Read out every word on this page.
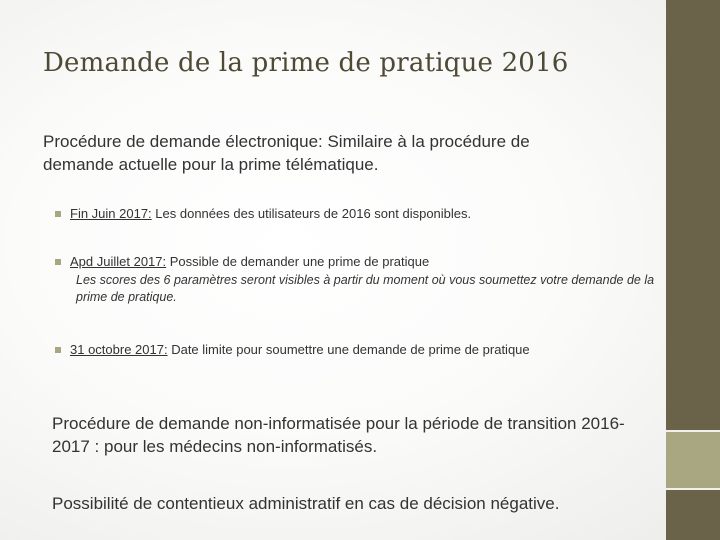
Demande de la prime de pratique 2016

Procédure de demande électronique: Similaire à la procédure de demande actuelle pour la prime télématique.

Fin Juin 2017: Les données des utilisateurs de 2016 sont disponibles.
Apd Juillet 2017: Possible de demander une prime de pratique
Les scores des 6 paramètres seront visibles à partir du moment où vous soumettez votre demande de la prime de pratique.
31 octobre 2017: Date limite pour soumettre une demande de prime de pratique

Procédure de demande non-informatisée pour la période de transition 2016-2017 : pour les médecins non-informatisés.

Possibilité de contentieux administratif en cas de décision négative.
